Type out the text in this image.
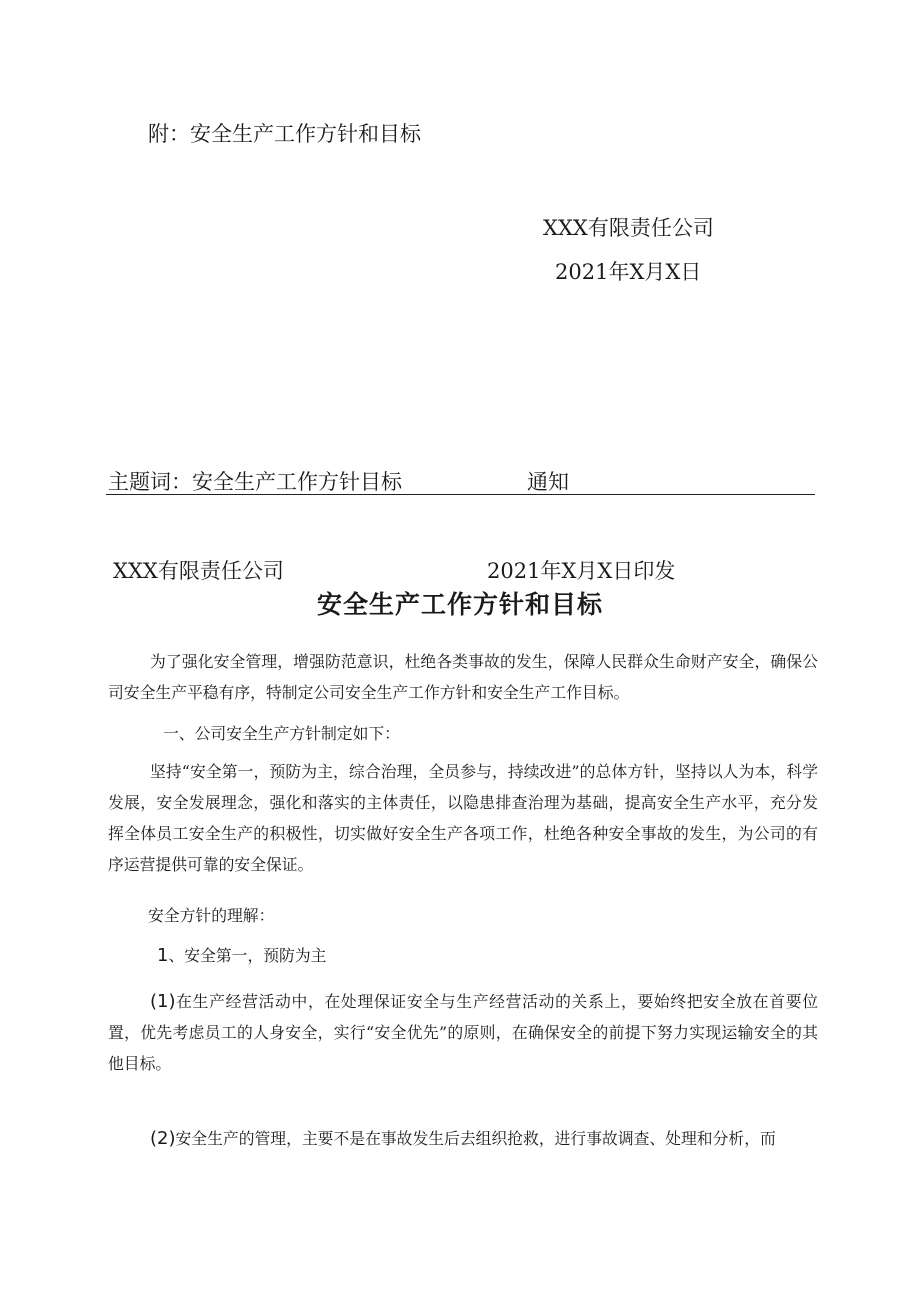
附：安全生产工作方针和目标
XXX有限责任公司
2021年X月X日
主题词：安全生产工作方针目标	通知
XXX有限责任公司	2021年X月X日印发
安全生产工作方针和目标

为了强化安全管理，增强防范意识，杜绝各类事故的发生，保障人民群众生命财产安全，确保公司安全生产平稳有序，特制定公司安全生产工作方针和安全生产工作目标。

一、公司安全生产方针制定如下：

坚持“安全第一，预防为主，综合治理，全员参与，持续改进”的总体方针，坚持以人为本，科学发展，安全发展理念，强化和落实的主体责任，以隐患排查治理为基础，提高安全生产水平，充分发挥全体员工安全生产的积极性，切实做好安全生产各项工作，杜绝各种安全事故的发生，为公司的有序运营提供可靠的安全保证。

安全方针的理解：

1、安全第一，预防为主

(1)在生产经营活动中，在处理保证安全与生产经营活动的关系上，要始终把安全放在首要位置，优先考虑员工的人身安全，实行“安全优先”的原则，在确保安全的前提下努力实现运输安全的其他目标。

(2)安全生产的管理，主要不是在事故发生后去组织抢救，进行事故调查、处理和分析，而
